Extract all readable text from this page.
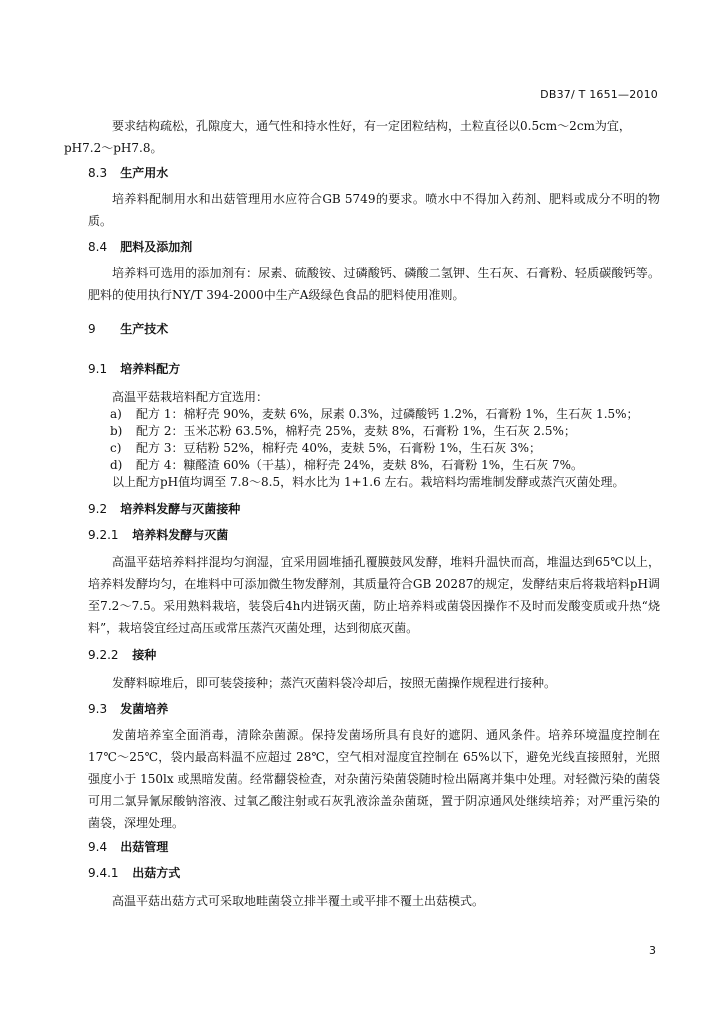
DB37/ T 1651—2010
要求结构疏松，孔隙度大，通气性和持水性好，有一定团粒结构，土粒直径以0.5cm～2cm为宜，
pH7.2～pH7.8。
8.3 生产用水
培养料配制用水和出菇管理用水应符合GB 5749的要求。喷水中不得加入药剂、肥料或成分不明的物质。
8.4 肥料及添加剂
培养料可选用的添加剂有：尿素、硫酸铵、过磷酸钙、磷酸二氢钾、生石灰、石膏粉、轻质碳酸钙等。肥料的使用执行NY/T 394-2000中生产A级绿色食品的肥料使用准则。
9 生产技术
9.1 培养料配方
高温平菇栽培料配方宜选用：
a) 配方 1：棉籽壳 90%，麦麸 6%，尿素 0.3%，过磷酸钙 1.2%，石膏粉 1%，生石灰 1.5%；
b) 配方 2：玉米芯粉 63.5%，棉籽壳 25%，麦麸 8%，石膏粉 1%，生石灰 2.5%；
c) 配方 3：豆秸粉 52%，棉籽壳 40%，麦麸 5%，石膏粉 1%，生石灰 3%；
d) 配方 4：糠醛渣 60%（干基），棉籽壳 24%，麦麸 8%，石膏粉 1%，生石灰 7%。
以上配方pH值均调至 7.8～8.5，料水比为 1+1.6 左右。栽培料均需堆制发酵或蒸汽灭菌处理。
9.2 培养料发酵与灭菌接种
9.2.1 培养料发酵与灭菌
高温平菇培养料拌混均匀润湿，宜采用圆堆插孔覆膜鼓风发酵，堆料升温快而高，堆温达到65℃以上，培养料发酵均匀，在堆料中可添加微生物发酵剂，其质量符合GB 20287的规定，发酵结束后将栽培料pH调至7.2～7.5。采用熟料栽培，装袋后4h内进锅灭菌，防止培养料或菌袋因操作不及时而发酸变质或升热“烧料”，栽培袋宜经过高压或常压蒸汽灭菌处理，达到彻底灭菌。
9.2.2 接种
发酵料晾堆后，即可装袋接种；蒸汽灭菌料袋冷却后，按照无菌操作规程进行接种。
9.3 发菌培养
发菌培养室全面消毒，清除杂菌源。保持发菌场所具有良好的遮阴、通风条件。培养环境温度控制在 17℃～25℃，袋内最高料温不应超过 28℃，空气相对湿度宜控制在 65%以下，避免光线直接照射，光照强度小于 150lx 或黑暗发菌。经常翻袋检查，对杂菌污染菌袋随时检出隔离并集中处理。对轻微污染的菌袋可用二氯异氰尿酸钠溶液、过氧乙酸注射或石灰乳液涂盖杂菌斑，置于阴凉通风处继续培养；对严重污染的菌袋，深埋处理。
9.4 出菇管理
9.4.1 出菇方式
高温平菇出菇方式可采取地畦菌袋立排半覆土或平排不覆土出菇模式。
3
